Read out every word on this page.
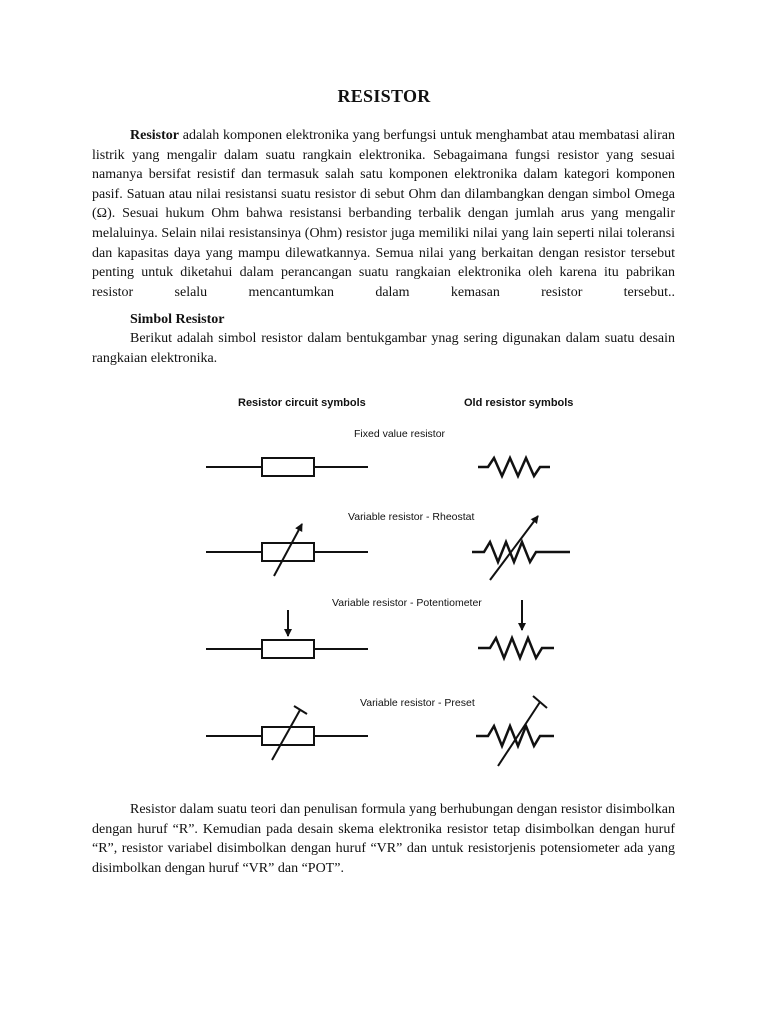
RESISTOR

Resistor adalah komponen elektronika yang berfungsi untuk menghambat atau membatasi aliran listrik yang mengalir dalam suatu rangkain elektronika. Sebagaimana fungsi resistor yang sesuai namanya bersifat resistif dan termasuk salah satu komponen elektronika dalam kategori komponen pasif. Satuan atau nilai resistansi suatu resistor di sebut Ohm dan dilambangkan dengan simbol Omega (Ω). Sesuai hukum Ohm bahwa resistansi berbanding terbalik dengan jumlah arus yang mengalir melaluinya. Selain nilai resistansinya (Ohm) resistor juga memiliki nilai yang lain seperti nilai toleransi dan kapasitas daya yang mampu dilewatkannya. Semua nilai yang berkaitan dengan resistor tersebut penting untuk diketahui dalam perancangan suatu rangkaian elektronika oleh karena itu pabrikan resistor selalu mencantumkan dalam kemasan resistor tersebut..

Simbol Resistor

Berikut adalah simbol resistor dalam bentukgambar ynag sering digunakan dalam suatu desain rangkaian elektronika.

Resistor circuit symbols	Old resistor symbols
Fixed value resistor
Variable resistor - Rheostat
Variable resistor - Potentiometer
Variable resistor - Preset

Resistor dalam suatu teori dan penulisan formula yang berhubungan dengan resistor disimbolkan dengan huruf “R”. Kemudian pada desain skema elektronika resistor tetap disimbolkan dengan huruf “R”, resistor variabel disimbolkan dengan huruf “VR” dan untuk resistorjenis potensiometer ada yang disimbolkan dengan huruf “VR” dan “POT”.
